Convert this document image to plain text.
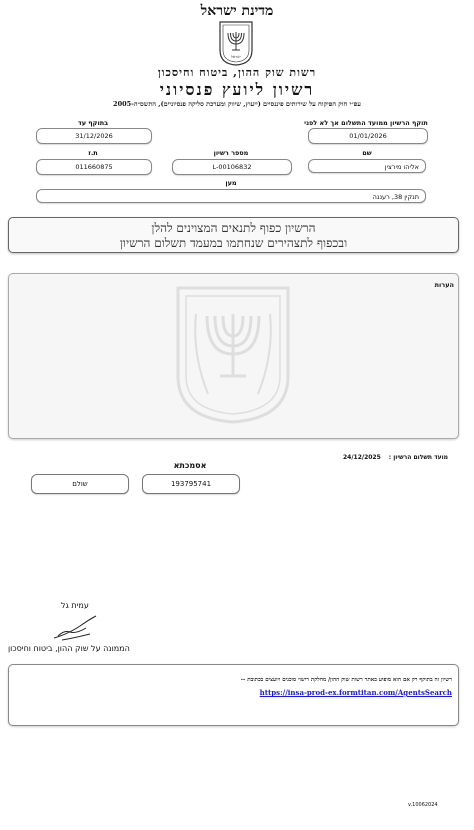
מדינת ישראל
ישראל
רשות שוק ההון, ביטוח וחיסכון
רשיון ליועץ פנסיוני
עפ״י חוק הפיקוח על שירותים פיננסיים (ייעוץ, שיווק ומערכת סליקה פנסיוניים), התשס״ה-2005
בתוקף עד
31/12/2026
תוקף הרשיון ממועד התשלום אך לא לפני
01/01/2026
ת.ז
011660875
מספר רשיון
L-00106832
שם
אליהו מירצין
מען
תנקין 38, רעננה
הרשיון כפוף לתנאים המצוינים להלן
ובכפוף לתצהירים שנחתמו במעמד תשלום הרשיון
הערות
מועד תשלום הרשיון :
24/12/2025
אסמכתא
193795741
שולם
עמית גל
הממונה על שוק ההון, ביטוח וחיסכון
רשיון זה בתוקף רק אם הוא מופיע באתר רשות שוק ההון/ מחלקת רישוי סוכנים ויועצים בכתובת --
https://insa-prod-ex.formtitan.com/AgentsSearch
v.10062024
